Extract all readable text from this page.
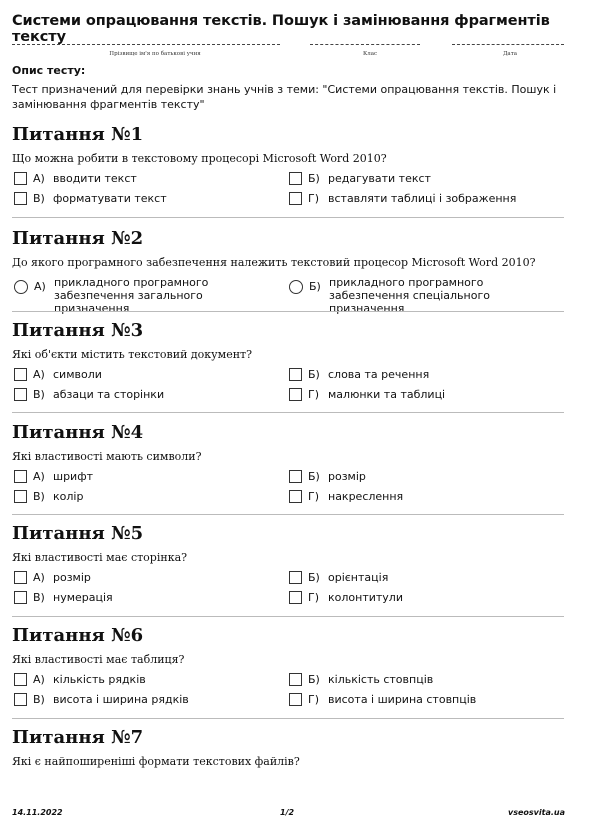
Системи опрацювання текстів. Пошук і замінювання фрагментів тексту
Прізвище ім'я по батькові учня	Клас	Дата
Опис тесту:
Тест призначений для перевірки знань учнів з теми: "Системи опрацювання текстів. Пошук і замінювання фрагментів тексту"
Питання №1
Що можна робити в текстовому процесорі Microsoft Word 2010?
А) вводити текст	Б) редагувати текст
В) форматувати текст	Г) вставляти таблиці і зображення
Питання №2
До якого програмного забезпечення належить текстовий процесор Microsoft Word 2010?
А) прикладного програмного забезпечення загального призначення
Б) прикладного програмного забезпечення спеціального призначення
Питання №3
Які об'єкти містить текстовий документ?
А) символи	Б) слова та речення
В) абзаци та сторінки	Г) малюнки та таблиці
Питання №4
Які властивості мають символи?
А) шрифт	Б) розмір
В) колір	Г) накреслення
Питання №5
Які властивості має сторінка?
А) розмір	Б) орієнтація
В) нумерація	Г) колонтитули
Питання №6
Які властивості має таблиця?
А) кількість рядків	Б) кількість стовпців
В) висота і ширина рядків	Г) висота і ширина стовпців
Питання №7
Які є найпоширеніші формати текстових файлів?
14.11.2022	1/2	vseosvita.ua
